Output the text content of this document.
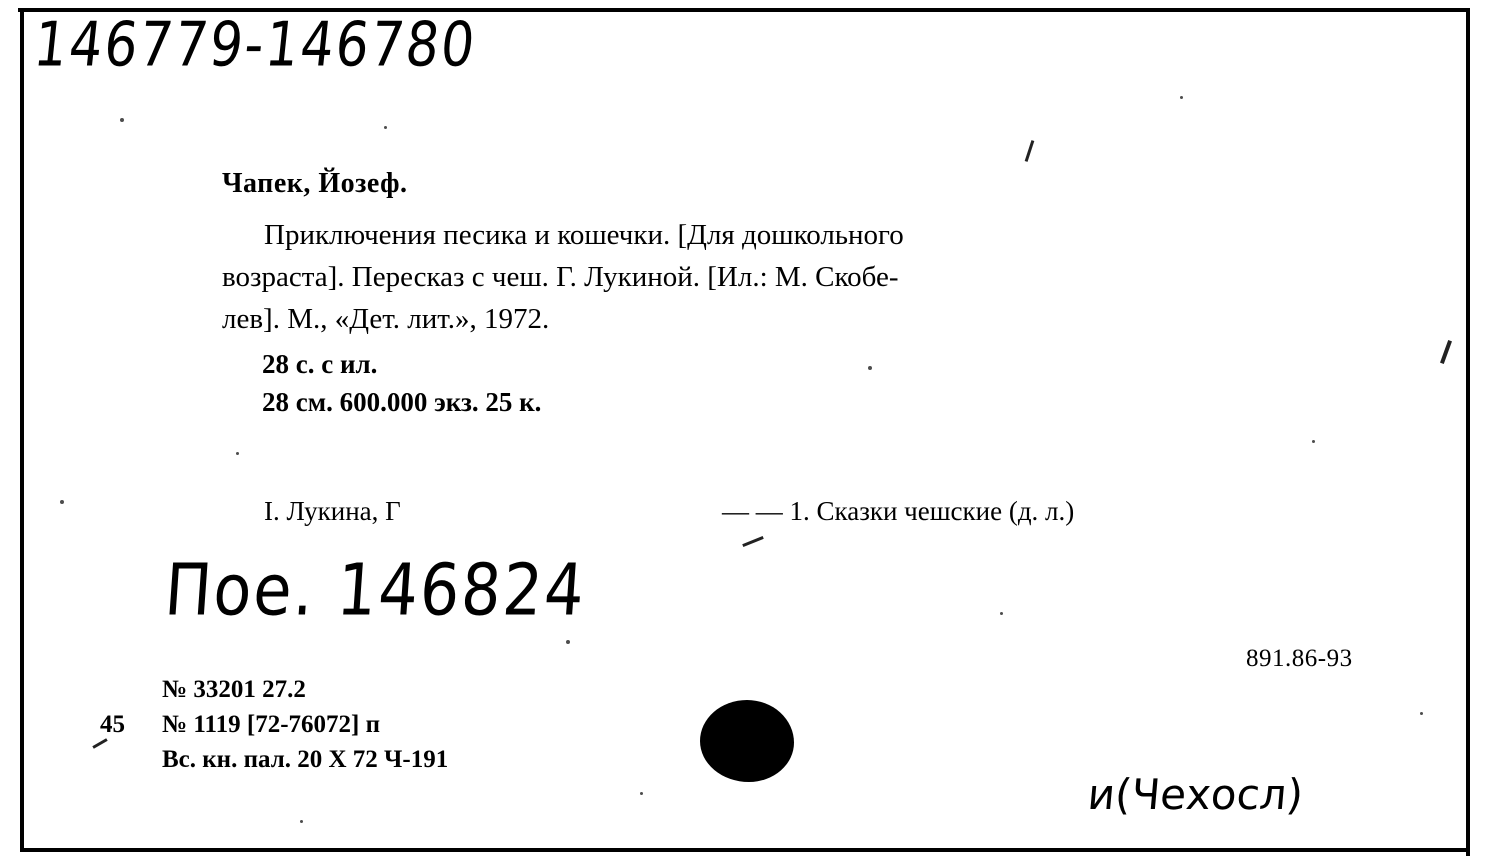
146779-146780
Чапек, Йозеф.
Приключения песика и кошечки. [Для дошкольного
возраста]. Пересказ с чеш. Г. Лукиной. [Ил.: М. Скобе-
лев]. М., «Дет. лит.», 1972.
28 с. с ил.
28 см. 600.000 экз. 25 к.
I. Лукина, Г	— — 1. Сказки чешские (д. л.)
Пое. 146824
891.86-93
№ 33201 27.2
45 № 1119 [72-76072] п
Вс. кн. пал. 20 X 72 Ч-191
и(Чехосл)
